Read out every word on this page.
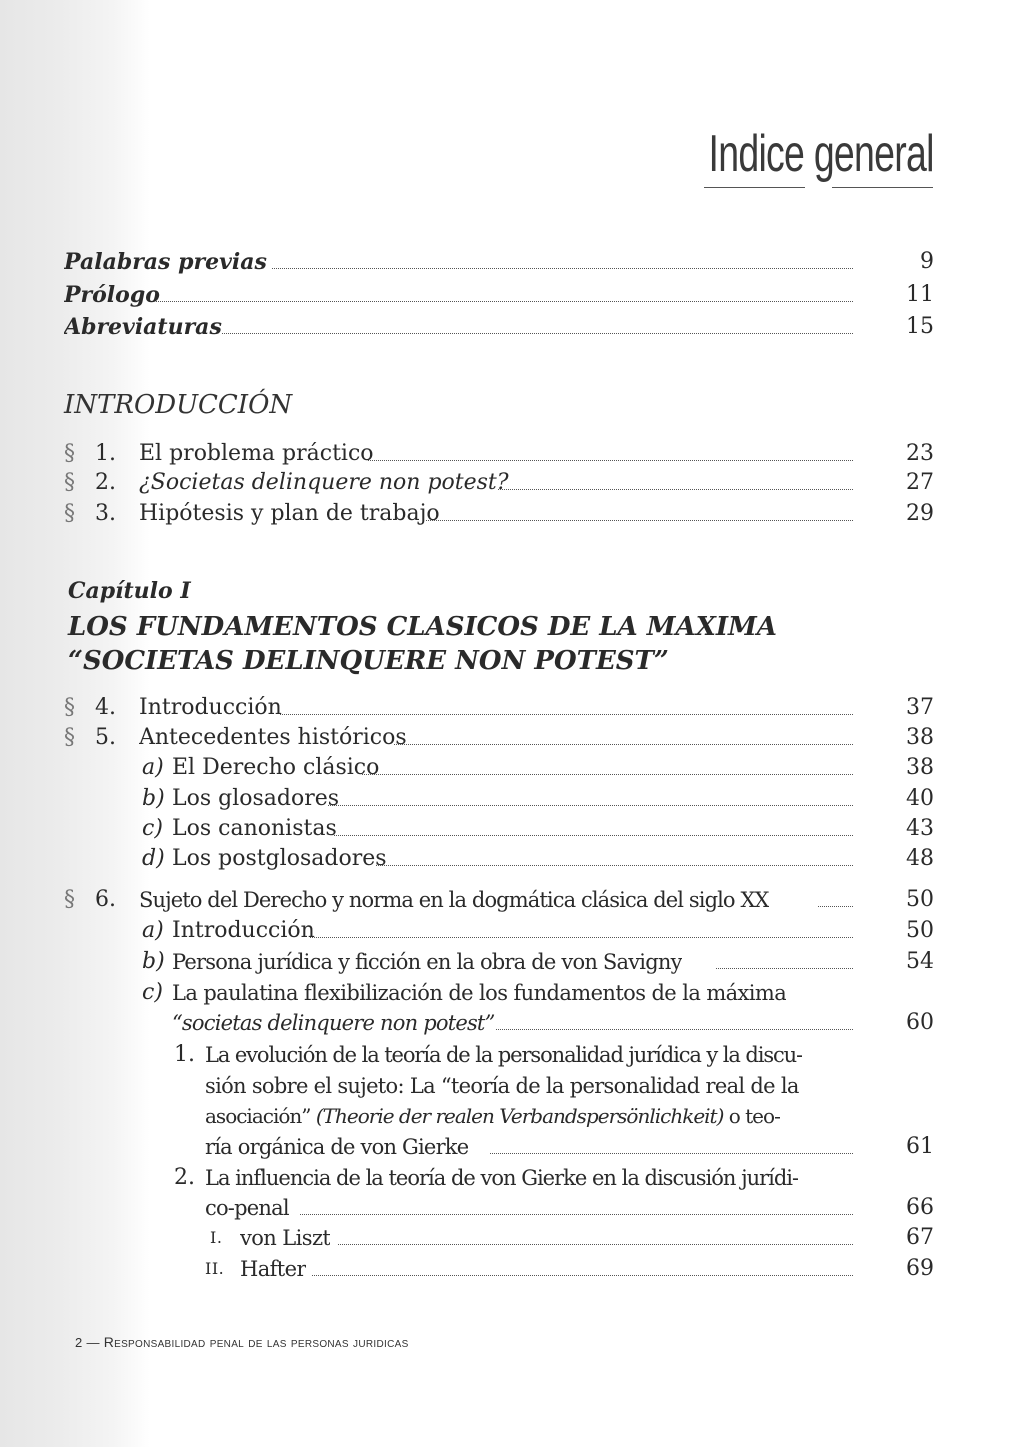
Indice general
Palabras previas	9
Prólogo	11
Abreviaturas	15
INTRODUCCIÓN
§ 1. El problema práctico	23
§ 2. ¿Societas delinquere non potest?	27
§ 3. Hipótesis y plan de trabajo	29
Capítulo I
LOS FUNDAMENTOS CLASICOS DE LA MAXIMA
“SOCIETAS DELINQUERE NON POTEST”
§ 4. Introducción	37
§ 5. Antecedentes históricos	38
a) El Derecho clásico	38
b) Los glosadores	40
c) Los canonistas	43
d) Los postglosadores	48
§ 6. Sujeto del Derecho y norma en la dogmática clásica del siglo XX	50
a) Introducción	50
b) Persona jurídica y ficción en la obra de von Savigny	54
c) La paulatina flexibilización de los fundamentos de la máxima
“societas delinquere non potest”	60
1. La evolución de la teoría de la personalidad jurídica y la discu-
sión sobre el sujeto: La “teoría de la personalidad real de la
asociación” (Theorie der realen Verbandspersönlichkeit) o teo-
ría orgánica de von Gierke	61
2. La influencia de la teoría de von Gierke en la discusión jurídi-
co-penal	66
I. von Liszt	67
II. Hafter	69
2 — Responsabilidad penal de las personas juridicas
